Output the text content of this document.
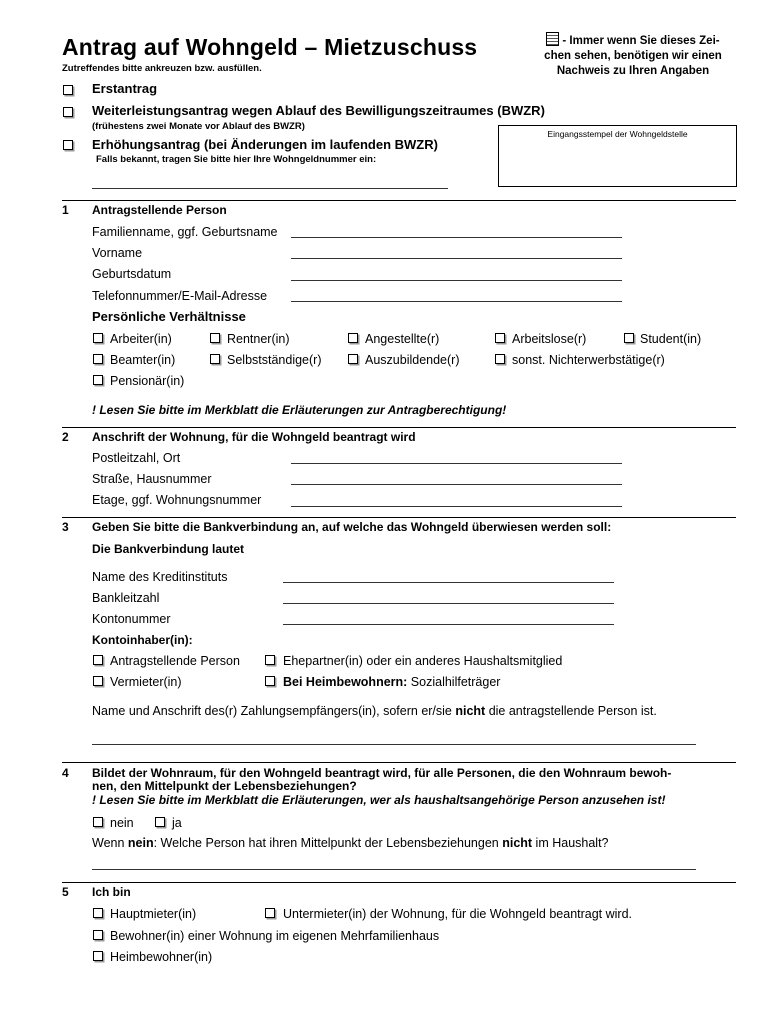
Antrag auf Wohngeld – Mietzuschuss
Zutreffendes bitte ankreuzen bzw. ausfüllen.
- Immer wenn Sie dieses Zei-
chen sehen, benötigen wir einen
Nachweis zu Ihren Angaben
Erstantrag
Weiterleistungsantrag wegen Ablauf des Bewilligungszeitraumes (BWZR)
(frühestens zwei Monate vor Ablauf des BWZR)
Eingangsstempel der Wohngeldstelle
Erhöhungsantrag (bei Änderungen im laufenden BWZR)
Falls bekannt, tragen Sie bitte hier Ihre Wohngeldnummer ein:
1 Antragstellende Person
Familienname, ggf. Geburtsname
Vorname
Geburtsdatum
Telefonnummer/E-Mail-Adresse
Persönliche Verhältnisse
Arbeiter(in)	Rentner(in)	Angestellte(r)	Arbeitslose(r)	Student(in)
Beamter(in)	Selbstständige(r)	Auszubildende(r)	sonst. Nichterwerbstätige(r)
Pensionär(in)
! Lesen Sie bitte im Merkblatt die Erläuterungen zur Antragberechtigung!
2 Anschrift der Wohnung, für die Wohngeld beantragt wird
Postleitzahl, Ort
Straße, Hausnummer
Etage, ggf. Wohnungsnummer
3 Geben Sie bitte die Bankverbindung an, auf welche das Wohngeld überwiesen werden soll:
Die Bankverbindung lautet
Name des Kreditinstituts
Bankleitzahl
Kontonummer
Kontoinhaber(in):
Antragstellende Person	Ehepartner(in) oder ein anderes Haushaltsmitglied
Vermieter(in)	Bei Heimbewohnern: Sozialhilfeträger
Name und Anschrift des(r) Zahlungsempfängers(in), sofern er/sie nicht die antragstellende Person ist.
4 Bildet der Wohnraum, für den Wohngeld beantragt wird, für alle Personen, die den Wohnraum bewoh-
nen, den Mittelpunkt der Lebensbeziehungen?
! Lesen Sie bitte im Merkblatt die Erläuterungen, wer als haushaltsangehörige Person anzusehen ist!
nein	ja
Wenn nein: Welche Person hat ihren Mittelpunkt der Lebensbeziehungen nicht im Haushalt?
5 Ich bin
Hauptmieter(in)	Untermieter(in) der Wohnung, für die Wohngeld beantragt wird.
Bewohner(in) einer Wohnung im eigenen Mehrfamilienhaus
Heimbewohner(in)
